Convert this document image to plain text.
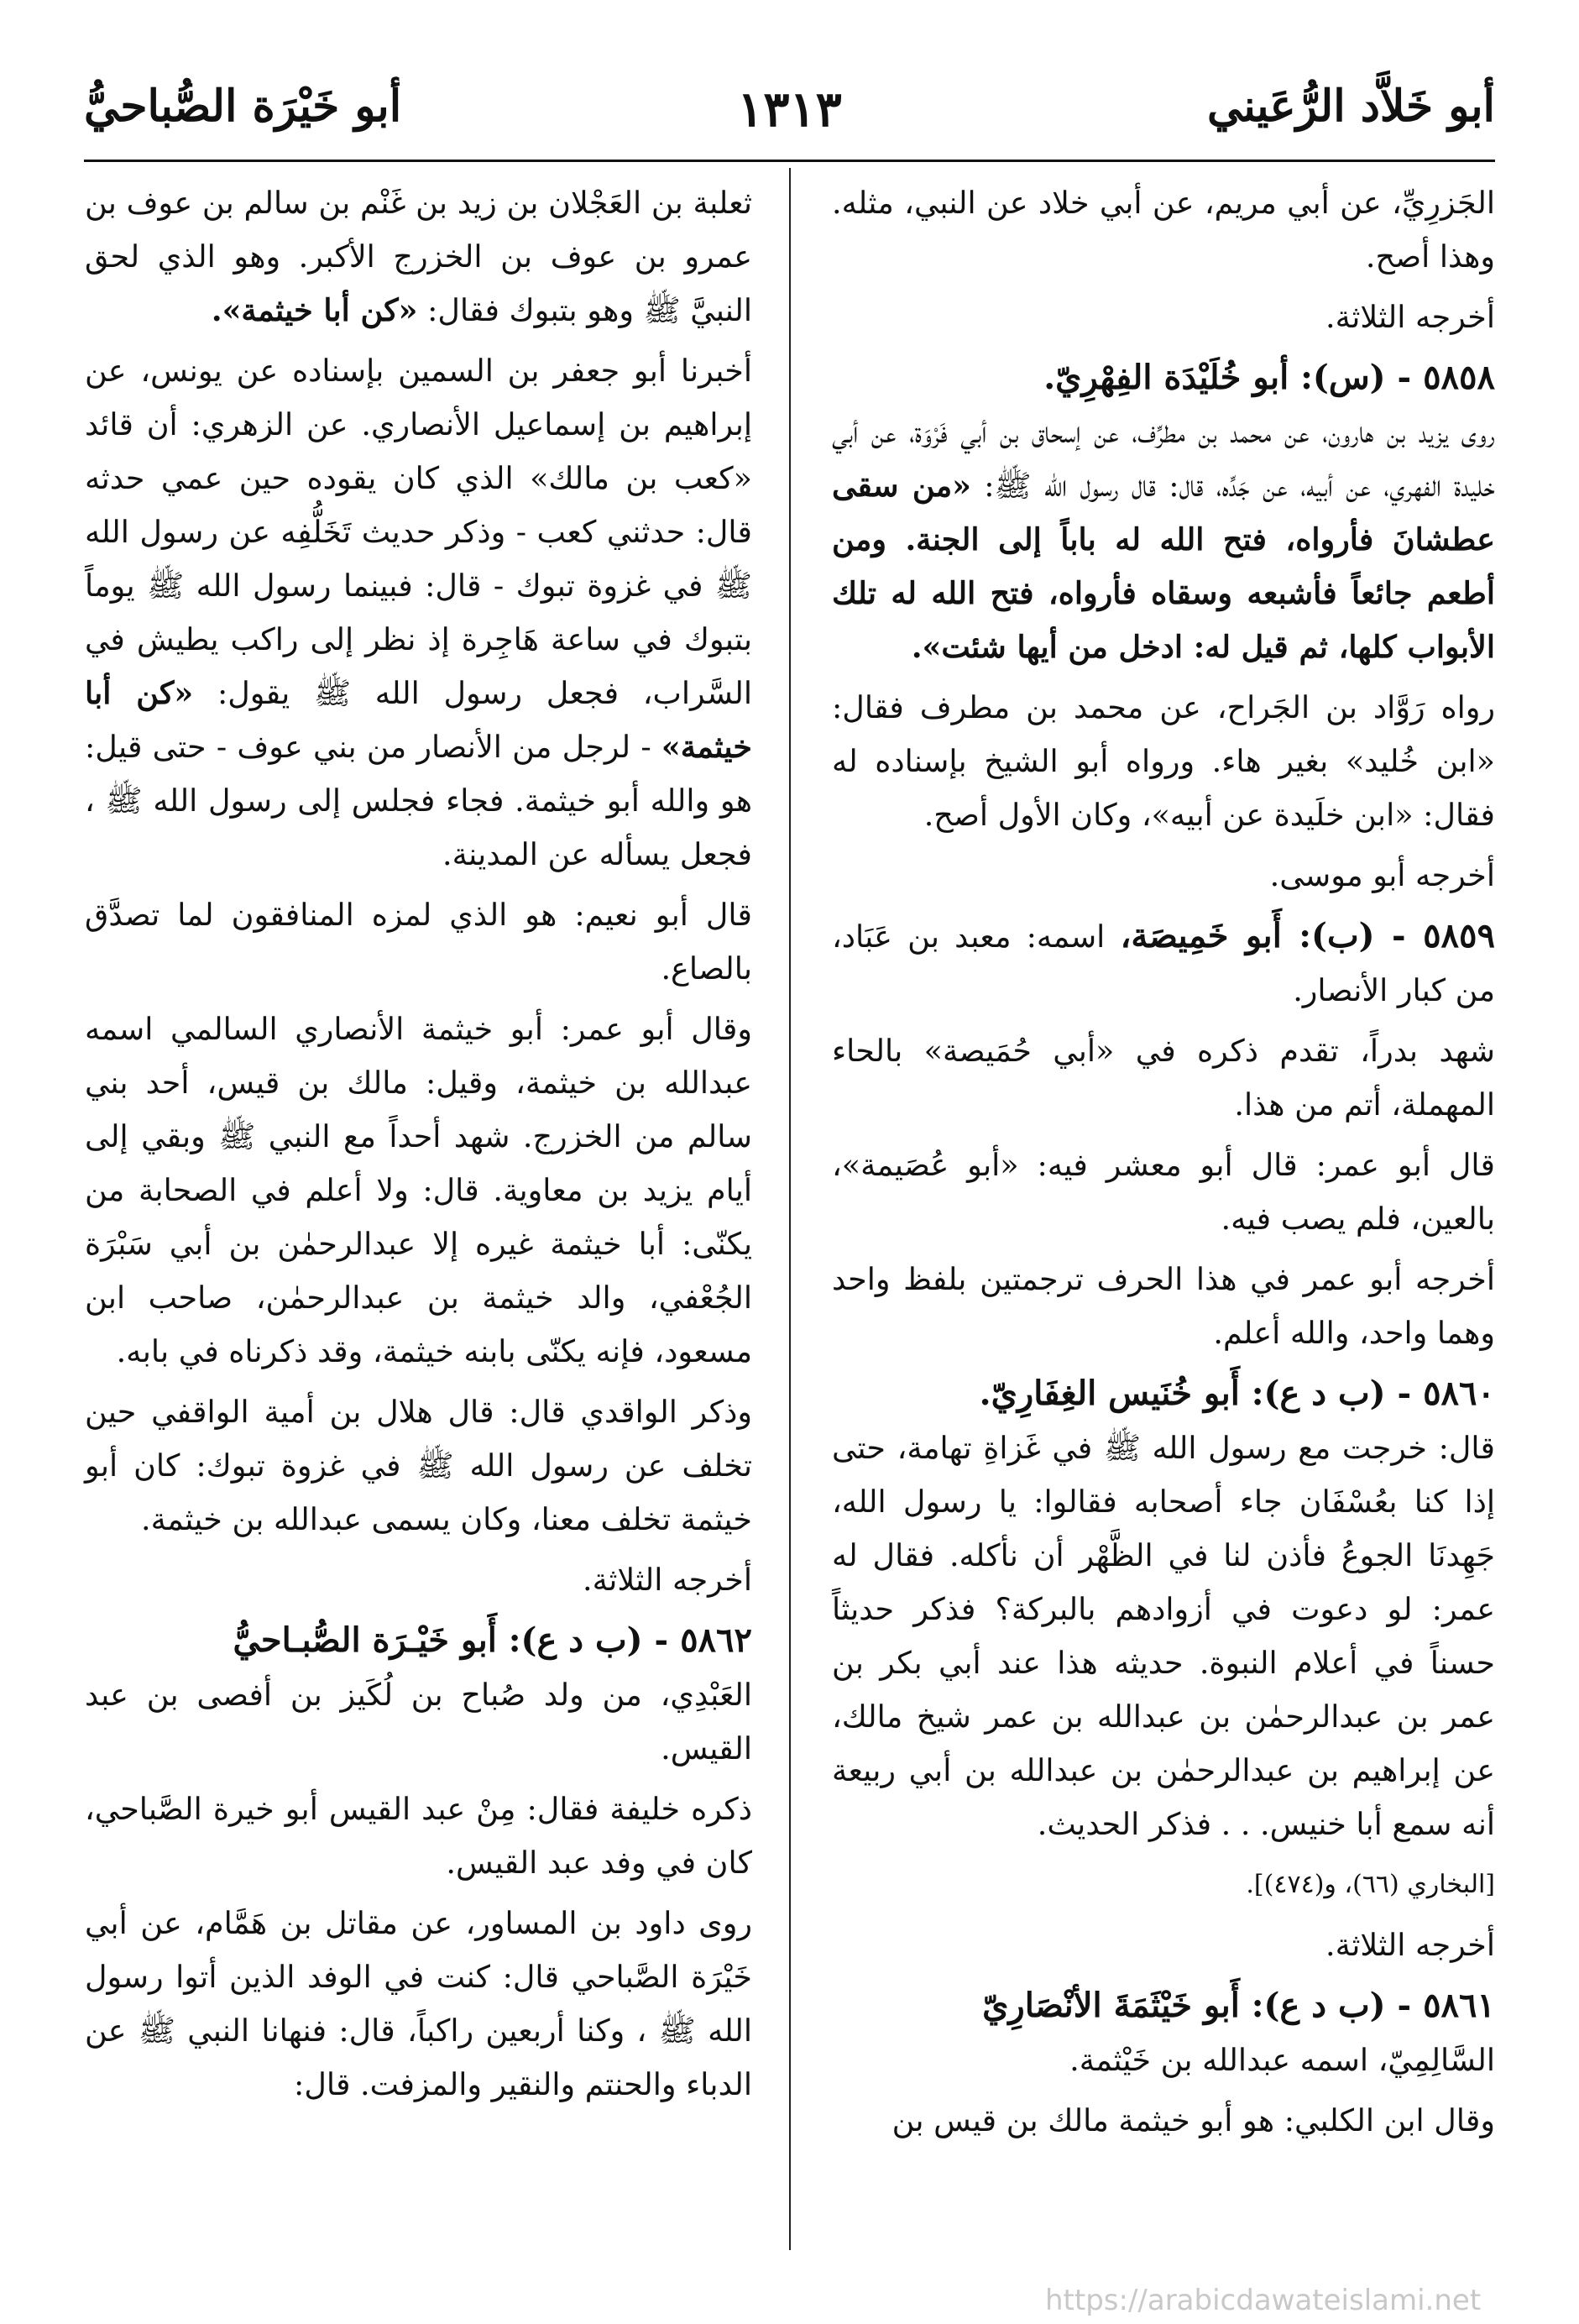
أبو خَلاَّد الرُّعَيني
١٣١٣
أبو خَيْرَة الصُّباحيُّ

الجَزرِيِّ، عن أبي مريم، عن أبي خلاد عن النبي، مثله. وهذا أصح.

أخرجه الثلاثة.

٥٨٥٨ - (س): أبو خُلَيْدَة الفِهْرِيّ.
روى يزيد بن هارون، عن محمد بن مطرِّف، عن إسحاق بن أبي فَرْوَة، عن أبي خليدة الفهري، عن أبيه، عن جَدِّه، قال: قال رسول الله ﷺ: «من سقى عطشانَ فأرواه، فتح الله له باباً إلى الجنة. ومن أطعم جائعاً فأشبعه وسقاه فأرواه، فتح الله له تلك الأبواب كلها، ثم قيل له: ادخل من أيها شئت».

رواه رَوَّاد بن الجَراح، عن محمد بن مطرف فقال: «ابن خُليد» بغير هاء. ورواه أبو الشيخ بإسناده له فقال: «ابن خلَيدة عن أبيه»، وكان الأول أصح.

أخرجه أبو موسى.

٥٨٥٩ - (ب): أَبو خَمِيصَة، اسمه: معبد بن عَبَاد، من كبار الأنصار.

شهد بدراً، تقدم ذكره في «أبي حُمَيصة» بالحاء المهملة، أتم من هذا.

قال أبو عمر: قال أبو معشر فيه: «أبو عُصَيمة»، بالعين، فلم يصب فيه.

أخرجه أبو عمر في هذا الحرف ترجمتين بلفظ واحد وهما واحد، والله أعلم.

٥٨٦٠ - (ب د ع): أَبو خُنَيس الغِفَارِيّ.
قال: خرجت مع رسول الله ﷺ في غَزاةِ تهامة، حتى إذا كنا بعُسْفَان جاء أصحابه فقالوا: يا رسول الله، جَهِدنَا الجوعُ فأذن لنا في الظَّهْر أن نأكله. فقال له عمر: لو دعوت في أزوادهم بالبركة؟ فذكر حديثاً حسناً في أعلام النبوة. حديثه هذا عند أبي بكر بن عمر بن عبدالرحمٰن بن عبدالله بن عمر شيخ مالك، عن إبراهيم بن عبدالرحمٰن بن عبدالله بن أبي ربيعة أنه سمع أبا خنيس. . . فذكر الحديث.

[البخاري (٦٦)، و(٤٧٤)].

أخرجه الثلاثة.

٥٨٦١ - (ب د ع): أَبو خَيْثَمَةَ الأنْصَارِيّ
السَّالِمِيّ، اسمه عبدالله بن خَيْثمة.

وقال ابن الكلبي: هو أبو خيثمة مالك بن قيس بن

ثعلبة بن العَجْلان بن زيد بن غَنْم بن سالم بن عوف بن عمرو بن عوف بن الخزرج الأكبر. وهو الذي لحق النبيَّ ﷺ وهو بتبوك فقال: «كن أبا خيثمة».

أخبرنا أبو جعفر بن السمين بإسناده عن يونس، عن إبراهيم بن إسماعيل الأنصاري. عن الزهري: أن قائد «كعب بن مالك» الذي كان يقوده حين عمي حدثه قال: حدثني كعب - وذكر حديث تَخَلُّفِه عن رسول الله ﷺ في غزوة تبوك - قال: فبينما رسول الله ﷺ يوماً بتبوك في ساعة هَاجِرة إذ نظر إلى راكب يطيش في السَّراب، فجعل رسول الله ﷺ يقول: «كن أبا خيثمة» - لرجل من الأنصار من بني عوف - حتى قيل: هو والله أبو خيثمة. فجاء فجلس إلى رسول الله ﷺ ، فجعل يسأله عن المدينة.

قال أبو نعيم: هو الذي لمزه المنافقون لما تصدَّق بالصاع.

وقال أبو عمر: أبو خيثمة الأنصاري السالمي اسمه عبدالله بن خيثمة، وقيل: مالك بن قيس، أحد بني سالم من الخزرج. شهد أحداً مع النبي ﷺ وبقي إلى أيام يزيد بن معاوية. قال: ولا أعلم في الصحابة من يكنّى: أبا خيثمة غيره إلا عبدالرحمٰن بن أبي سَبْرَة الجُعْفي، والد خيثمة بن عبدالرحمٰن، صاحب ابن مسعود، فإنه يكنّى بابنه خيثمة، وقد ذكرناه في بابه.

وذكر الواقدي قال: قال هلال بن أمية الواقفي حين تخلف عن رسول الله ﷺ في غزوة تبوك: كان أبو خيثمة تخلف معنا، وكان يسمى عبدالله بن خيثمة.

أخرجه الثلاثة.

٥٨٦٢ - (ب د ع): أَبو خَيْـرَة الصُّبـاحيُّ
العَبْدِي، من ولد صُباح بن لُكَيز بن أفصى بن عبد القيس.

ذكره خليفة فقال: مِنْ عبد القيس أبو خيرة الصَّباحي، كان في وفد عبد القيس.

روى داود بن المساور، عن مقاتل بن هَمَّام، عن أبي خَيْرَة الصَّباحي قال: كنت في الوفد الذين أتوا رسول الله ﷺ ، وكنا أربعين راكباً، قال: فنهانا النبي ﷺ عن الدباء والحنتم والنقير والمزفت. قال:

https://arabicdawateislami.net
